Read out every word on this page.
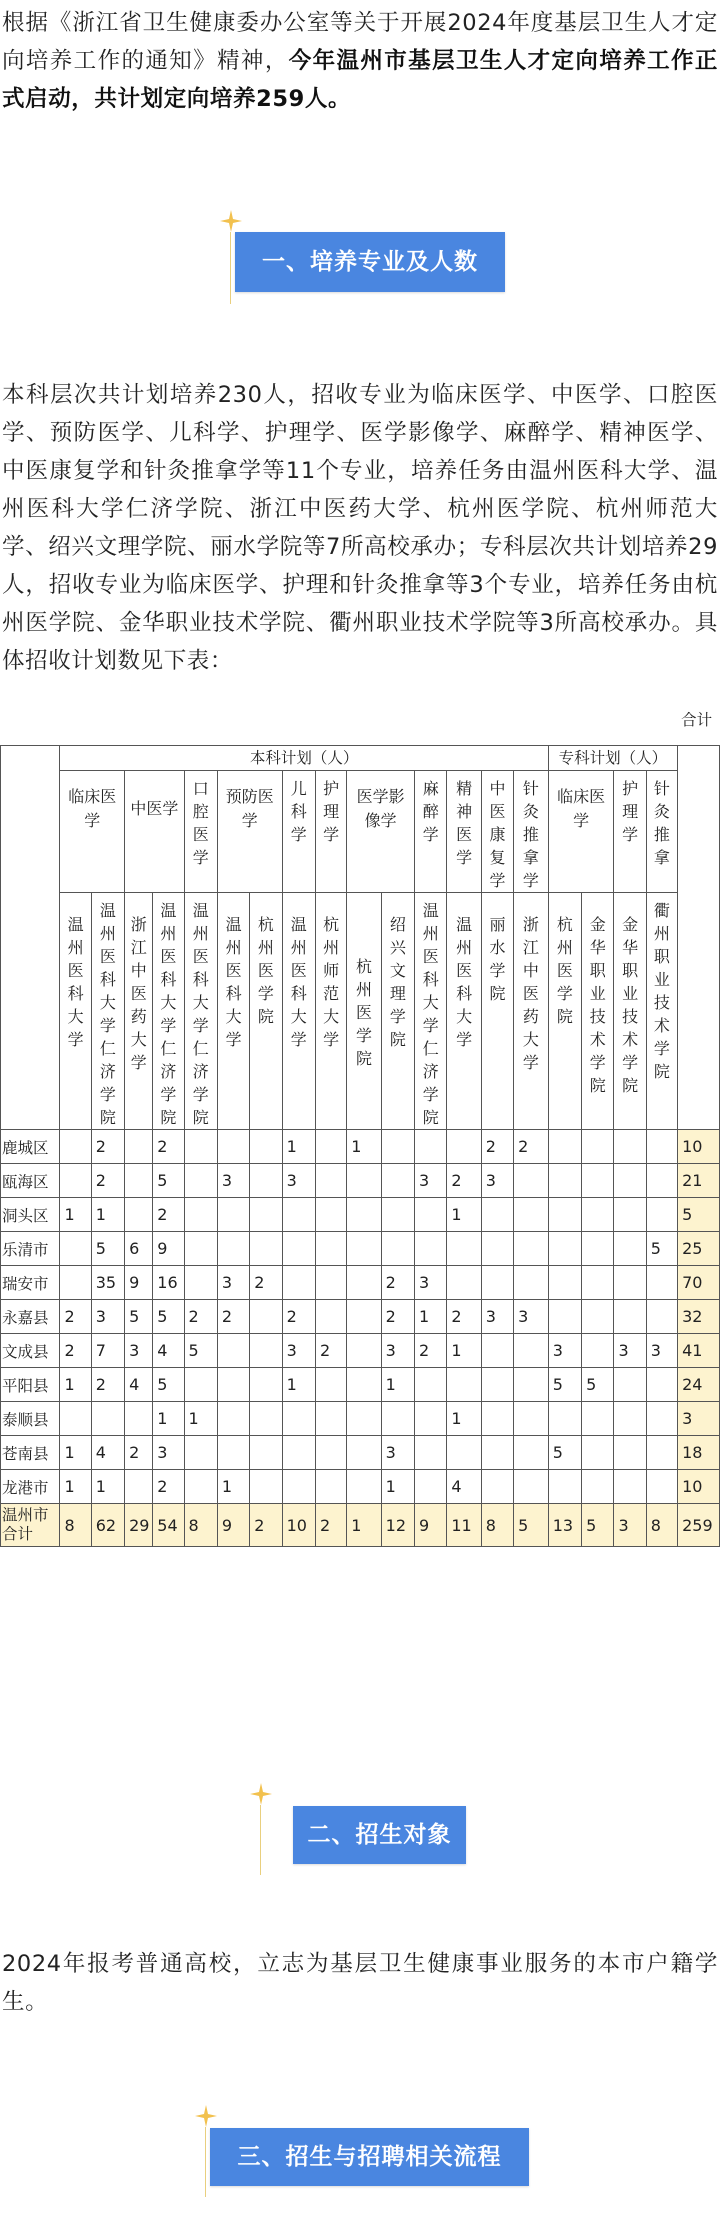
根据《浙江省卫生健康委办公室等关于开展2024年度基层卫生人才定向培养工作的通知》精神，今年温州市基层卫生人才定向培养工作正式启动，共计划定向培养259人。

一、培养专业及人数

本科层次共计划培养230人，招收专业为临床医学、中医学、口腔医学、预防医学、儿科学、护理学、医学影像学、麻醉学、精神医学、中医康复学和针灸推拿学等11个专业，培养任务由温州医科大学、温州医科大学仁济学院、浙江中医药大学、杭州医学院、杭州师范大学、绍兴文理学院、丽水学院等7所高校承办；专科层次共计划培养29人，招收专业为临床医学、护理和针灸推拿等3个专业，培养任务由杭州医学院、金华职业技术学院、衢州职业技术学院等3所高校承办。具体招收计划数见下表：

	本科计划（人）															专科计划（人）				合计

	临床医学		中医学		口腔医学	预防医学		儿科学	护理学	医学影像学		麻醉学	精神医学	中医康复学	针灸推拿学	临床医学		护理学	针灸推拿	

	温州医科大学	温州医科大学仁济学院	浙江中医药大学	温州医科大学仁济学院	温州医科大学仁济学院	温州医科大学	杭州医学院	温州医科大学	杭州师范大学	杭州医学院	绍兴文理学院	温州医科大学仁济学院	温州医科大学	丽水学院	浙江中医药大学	杭州医学院	金华职业技术学院	金华职业技术学院	衢州职业技术学院	

鹿城区		2		2				1		1				2	2					10
瓯海区		2		5		3		3				3	2	3						21
洞头区	1	1		2									1							5
乐清市		5	6	9															5	25
瑞安市		35	9	16		3	2				2	3								70
永嘉县	2	3	5	5	2	2		2			2	1	2	3	3					32
文成县	2	7	3	4	5			3	2		3	2	1			3		3	3	41
平阳县	1	2	4	5				1			1					5	5			24
泰顺县				1	1								1							3
苍南县	1	4	2	3							3					5				18
龙港市	1	1		2		1					1		4							10
温州市合计	8	62	29	54	8	9	2	10	2	1	12	9	11	8	5	13	5	3	8	259
二、招生对象

2024年报考普通高校，立志为基层卫生健康事业服务的本市户籍学生。

三、招生与招聘相关流程
